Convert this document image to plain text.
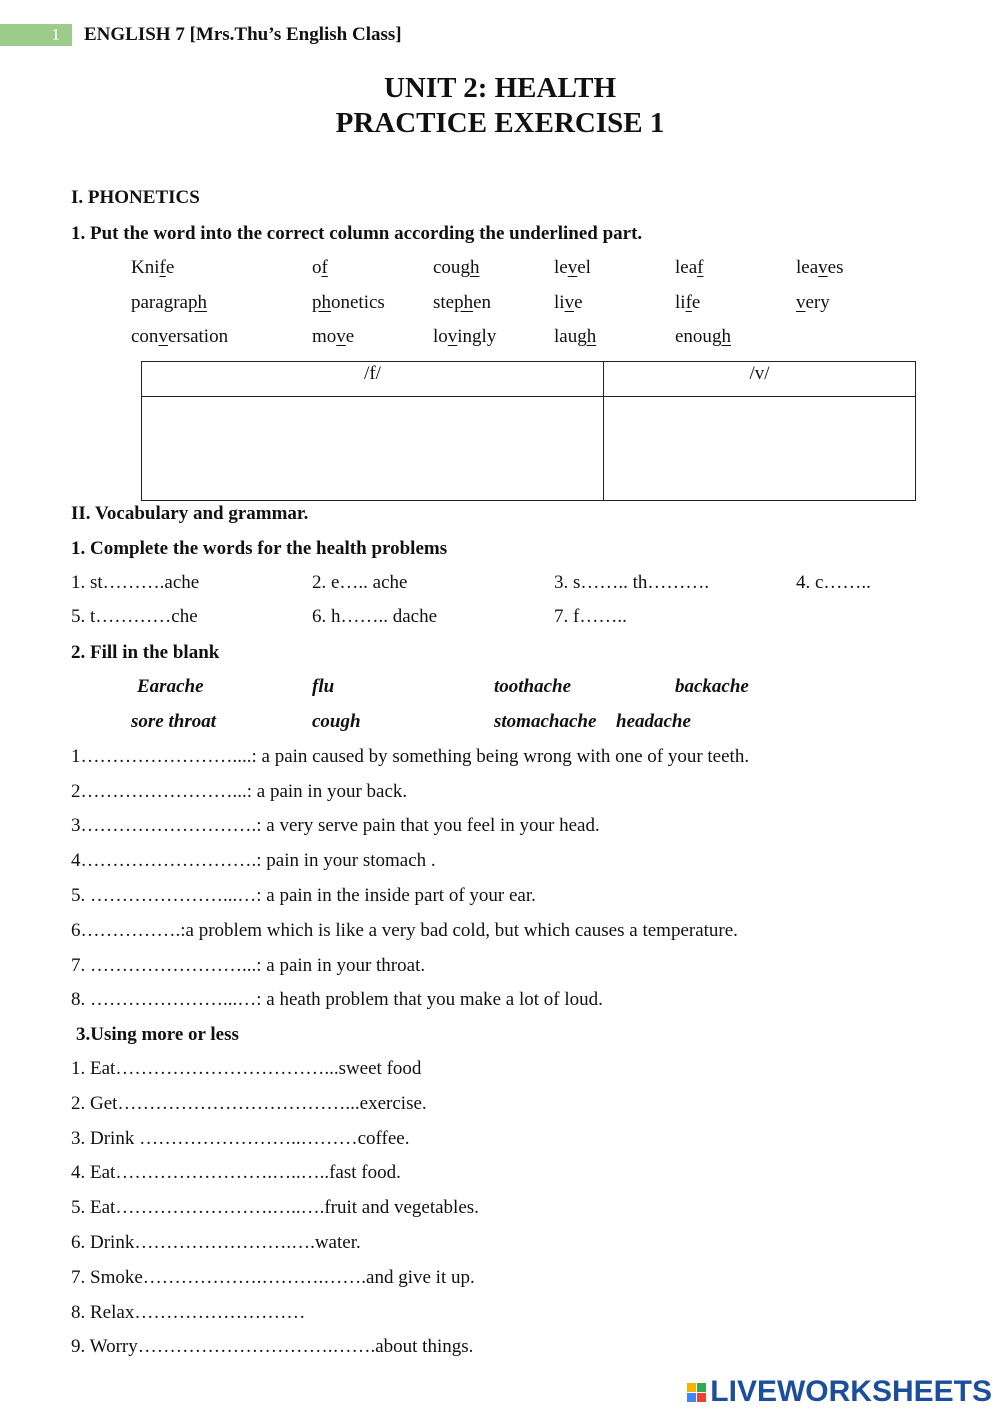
1	ENGLISH 7 [Mrs.Thu’s English Class]
UNIT 2: HEALTH
PRACTICE EXERCISE 1
I. PHONETICS
1. Put the word into the correct column according the underlined part.
Knife	of	cough	level	leaf	leaves
paragraph	phonetics	stephen	live	life	very
conversation	move	lovingly	laugh	enough
/f/	/v/

II. Vocabulary and grammar.
1. Complete the words for the health problems
1. st……….ache	2. e….. ache	3. s…….. th……….	4. c……..
5. t…………che	6. h…….. dache	7. f……..
2. Fill in the blank
Earache	flu	toothache	backache
sore throat	cough	stomachache headache
1……………………....: a pain caused by something being wrong with one of your teeth.
2……………………...: a pain in your back.
3……………………….: a very serve pain that you feel in your head.
4……………………….: pain in your stomach .
5. …………………...…: a pain in the inside part of your ear.
6…………….:a problem which is like a very bad cold, but which causes a temperature.
7. ……………………...: a pain in your throat.
8. …………………...…: a heath problem that you make a lot of loud.
3.Using more or less
1. Eat……………………………...sweet food
2. Get………………………………...exercise.
3. Drink ……………………..………coffee.
4. Eat…………………….…..…..fast food.
5. Eat…………………….…..….fruit and vegetables.
6. Drink…………………….….water.
7. Smoke……………….……….…….and give it up.
8. Relax………………………
9. Worry………………………….…….about things.
LIVEWORKSHEETS
